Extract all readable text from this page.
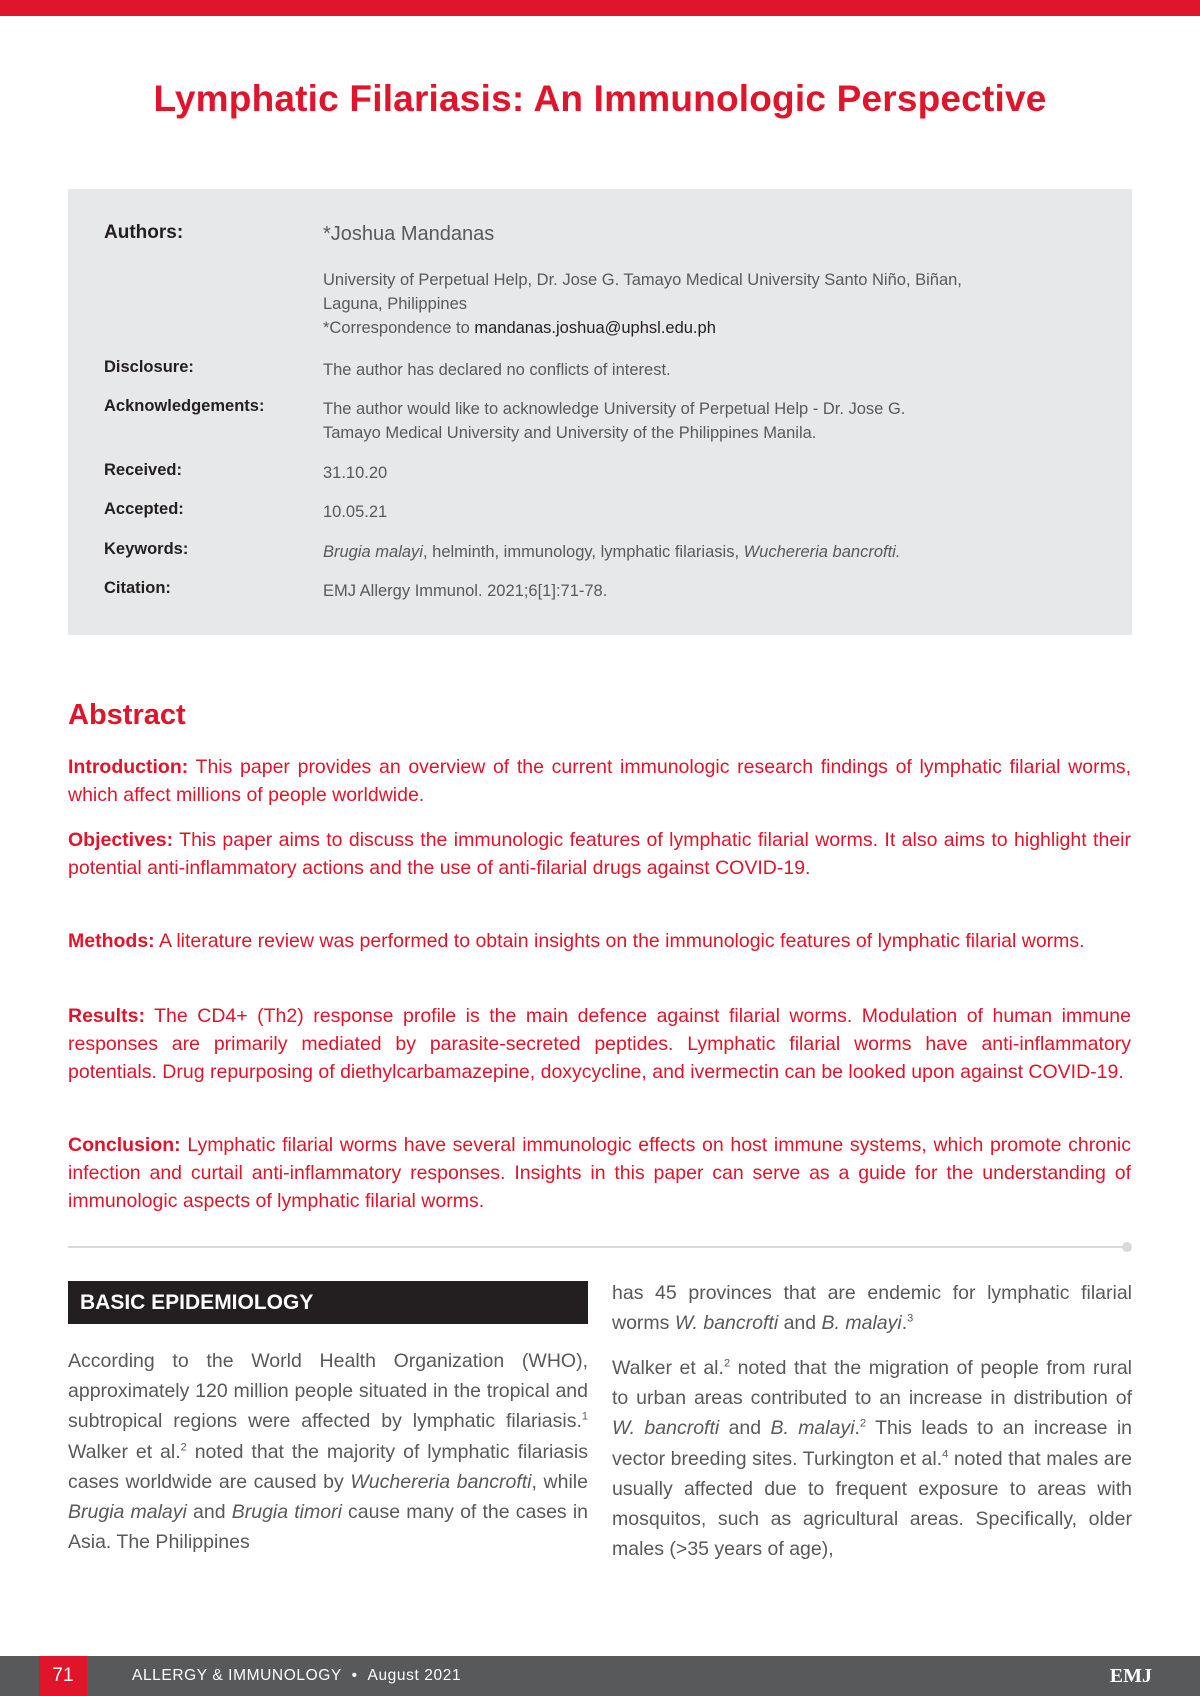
Lymphatic Filariasis: An Immunologic Perspective
Authors:	*Joshua Mandanas
University of Perpetual Help, Dr. Jose G. Tamayo Medical University Santo Niño, Biñan,
Laguna, Philippines
*Correspondence to mandanas.joshua@uphsl.edu.ph
Disclosure:	The author has declared no conflicts of interest.
Acknowledgements:	The author would like to acknowledge University of Perpetual Help - Dr. Jose G.
Tamayo Medical University and University of the Philippines Manila.
Received:	31.10.20
Accepted:	10.05.21
Keywords:	Brugia malayi, helminth, immunology, lymphatic filariasis, Wuchereria bancrofti.
Citation:	EMJ Allergy Immunol. 2021;6[1]:71-78.
Abstract
Introduction: This paper provides an overview of the current immunologic research findings of lymphatic filarial worms, which affect millions of people worldwide.
Objectives: This paper aims to discuss the immunologic features of lymphatic filarial worms. It also aims to highlight their potential anti-inflammatory actions and the use of anti-filarial drugs against COVID-19.
Methods: A literature review was performed to obtain insights on the immunologic features of lymphatic filarial worms.
Results: The CD4+ (Th2) response profile is the main defence against filarial worms. Modulation of human immune responses are primarily mediated by parasite-secreted peptides. Lymphatic filarial worms have anti-inflammatory potentials. Drug repurposing of diethylcarbamazepine, doxycycline, and ivermectin can be looked upon against COVID-19.
Conclusion: Lymphatic filarial worms have several immunologic effects on host immune systems, which promote chronic infection and curtail anti-inflammatory responses. Insights in this paper can serve as a guide for the understanding of immunologic aspects of lymphatic filarial worms.
BASIC EPIDEMIOLOGY
According to the World Health Organization (WHO), approximately 120 million people situated in the tropical and subtropical regions were affected by lymphatic filariasis.$^1$ Walker et al.$^2$ noted that the majority of lymphatic filariasis cases worldwide are caused by Wuchereria bancrofti, while Brugia malayi and Brugia timori cause many of the cases in Asia. The Philippines
has 45 provinces that are endemic for lymphatic filarial worms W. bancrofti and B. malayi.$^3$
Walker et al.$^2$ noted that the migration of people from rural to urban areas contributed to an increase in distribution of W. bancrofti and B. malayi.$^2$ This leads to an increase in vector breeding sites. Turkington et al.$^4$ noted that males are usually affected due to frequent exposure to areas with mosquitos, such as agricultural areas. Specifically, older males (>35 years of age),
71	ALLERGY & IMMUNOLOGY • August 2021	EMJ
